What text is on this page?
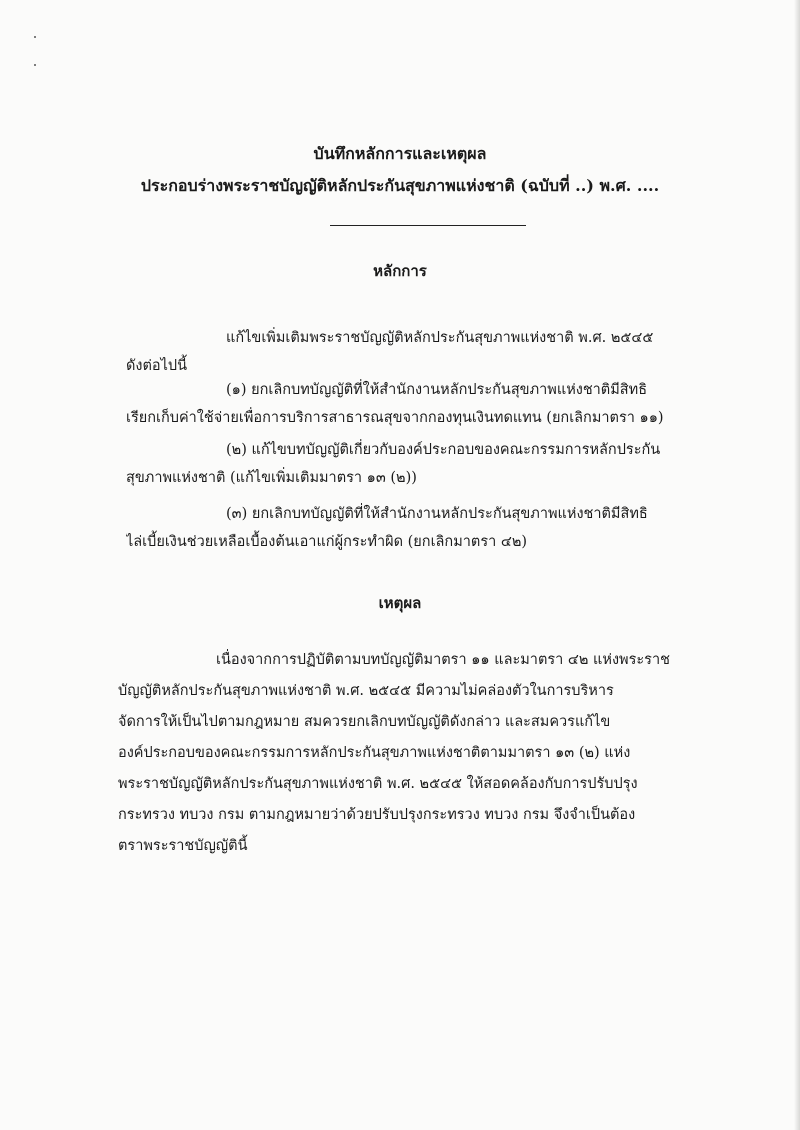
บันทึกหลักการและเหตุผล
ประกอบร่างพระราชบัญญัติหลักประกันสุขภาพแห่งชาติ (ฉบับที่ ..) พ.ศ. ....
หลักการ
แก้ไขเพิ่มเติมพระราชบัญญัติหลักประกันสุขภาพแห่งชาติ พ.ศ. ๒๕๔๕
ดังต่อไปนี้
(๑) ยกเลิกบทบัญญัติที่ให้สำนักงานหลักประกันสุขภาพแห่งชาติมีสิทธิ
เรียกเก็บค่าใช้จ่ายเพื่อการบริการสาธารณสุขจากกองทุนเงินทดแทน (ยกเลิกมาตรา ๑๑)
(๒) แก้ไขบทบัญญัติเกี่ยวกับองค์ประกอบของคณะกรรมการหลักประกัน
สุขภาพแห่งชาติ (แก้ไขเพิ่มเติมมาตรา ๑๓ (๒))
(๓) ยกเลิกบทบัญญัติที่ให้สำนักงานหลักประกันสุขภาพแห่งชาติมีสิทธิ
ไล่เบี้ยเงินช่วยเหลือเบื้องต้นเอาแก่ผู้กระทำผิด (ยกเลิกมาตรา ๔๒)
เหตุผล
เนื่องจากการปฏิบัติตามบทบัญญัติมาตรา ๑๑ และมาตรา ๔๒ แห่งพระราช
บัญญัติหลักประกันสุขภาพแห่งชาติ พ.ศ. ๒๕๔๕ มีความไม่คล่องตัวในการบริหาร
จัดการให้เป็นไปตามกฎหมาย สมควรยกเลิกบทบัญญัติดังกล่าว และสมควรแก้ไข
องค์ประกอบของคณะกรรมการหลักประกันสุขภาพแห่งชาติตามมาตรา ๑๓ (๒) แห่ง
พระราชบัญญัติหลักประกันสุขภาพแห่งชาติ พ.ศ. ๒๕๔๕ ให้สอดคล้องกับการปรับปรุง
กระทรวง ทบวง กรม ตามกฎหมายว่าด้วยปรับปรุงกระทรวง ทบวง กรม จึงจำเป็นต้อง
ตราพระราชบัญญัตินี้
